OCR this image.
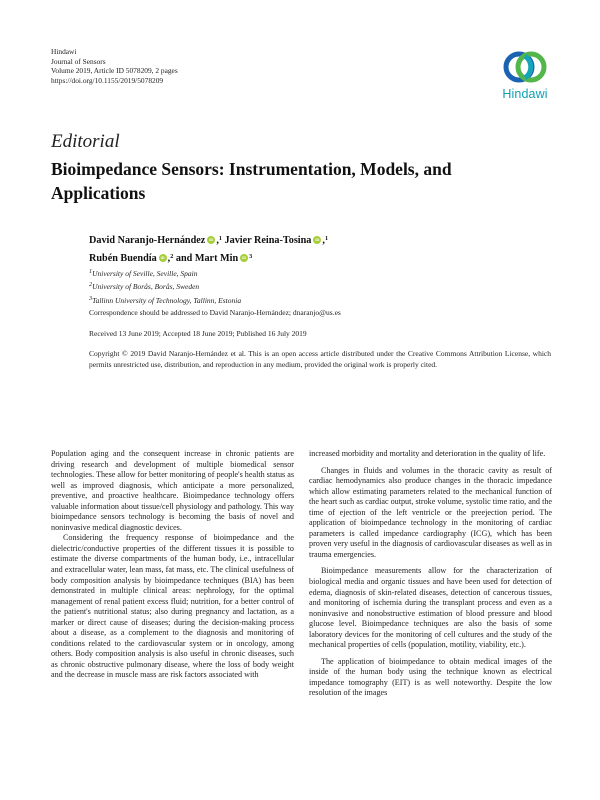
Hindawi
Journal of Sensors
Volume 2019, Article ID 5078209, 2 pages
https://doi.org/10.1155/2019/5078209
Hindawi
Editorial
Bioimpedance Sensors: Instrumentation, Models, and Applications
David Naranjo-Hernández iD ,$^1$ Javier Reina-Tosina iD ,$^1$
Rubén Buendía iD ,$^2$ and Mart Min iD $^3$
$^1$University of Seville, Seville, Spain
$^2$University of Borås, Borås, Sweden
$^3$Tallinn University of Technology, Tallinn, Estonia
Correspondence should be addressed to David Naranjo-Hernández; dnaranjo@us.es
Received 13 June 2019; Accepted 18 June 2019; Published 16 July 2019
Copyright © 2019 David Naranjo-Hernández et al. This is an open access article distributed under the Creative Commons Attribution License, which permits unrestricted use, distribution, and reproduction in any medium, provided the original work is properly cited.

Population aging and the consequent increase in chronic patients are driving research and development of multiple biomedical sensor technologies. These allow for better monitoring of people's health status as well as improved diagnosis, which anticipate a more personalized, preventive, and proactive healthcare. Bioimpedance technology offers valuable information about tissue/cell physiology and pathology. This way bioimpedance sensors technology is becoming the basis of novel and noninvasive medical diagnostic devices.

Considering the frequency response of bioimpedance and the dielectric/conductive properties of the different tissues it is possible to estimate the diverse compartments of the human body, i.e., intracellular and extracellular water, lean mass, fat mass, etc. The clinical usefulness of body composition analysis by bioimpedance techniques (BIA) has been demonstrated in multiple clinical areas: nephrology, for the optimal management of renal patient excess fluid; nutrition, for a better control of the patient's nutritional status; also during pregnancy and lactation, as a marker or direct cause of diseases; during the decision-making process about a disease, as a complement to the diagnosis and monitoring of conditions related to the cardiovascular system or in oncology, among others. Body composition analysis is also useful in chronic diseases, such as chronic obstructive pulmonary disease, where the loss of body weight and the decrease in muscle mass are risk factors associated with

increased morbidity and mortality and deterioration in the quality of life.

Changes in fluids and volumes in the thoracic cavity as result of cardiac hemodynamics also produce changes in the thoracic impedance which allow estimating parameters related to the mechanical function of the heart such as cardiac output, stroke volume, systolic time ratio, and the time of ejection of the left ventricle or the preejection period. The application of bioimpedance technology in the monitoring of cardiac parameters is called impedance cardiography (ICG), which has been proven very useful in the diagnosis of cardiovascular diseases as well as in trauma emergencies.

Bioimpedance measurements allow for the characterization of biological media and organic tissues and have been used for detection of edema, diagnosis of skin-related diseases, detection of cancerous tissues, and monitoring of ischemia during the transplant process and even as a noninvasive and nonobstructive estimation of blood pressure and blood glucose level. Bioimpedance techniques are also the basis of some laboratory devices for the monitoring of cell cultures and the study of the mechanical properties of cells (population, motility, viability, etc.).

The application of bioimpedance to obtain medical images of the inside of the human body using the technique known as electrical impedance tomography (EIT) is as well noteworthy. Despite the low resolution of the images
